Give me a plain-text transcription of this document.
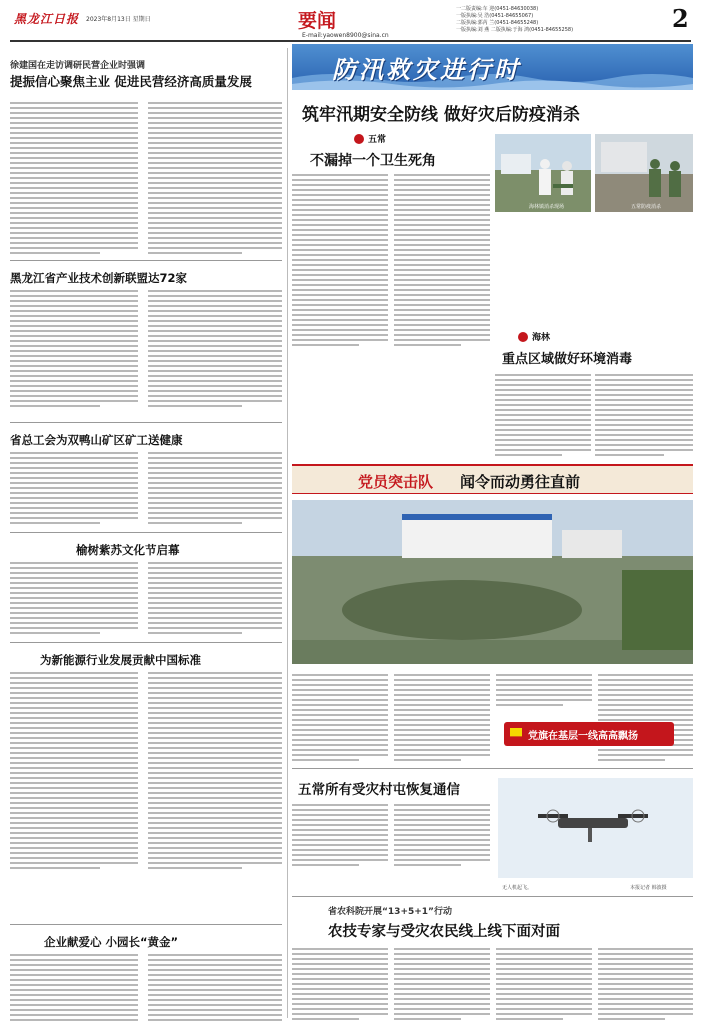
黑龙江日报 2023年8月13日 星期日	要闻
E-mail:yaowen8900@sina.cn
一二版责编:车 迎(0451-84630038)
一版执编:吴 浩(0451-84655067)
二版执编:郭芮 兰(0451-84655248)
一版执编:刘 燕 二版执编:于海 鸿(0451-84655258)	2
徐建国在走访调研民营企业时强调
提振信心聚焦主业 促进民营经济高质量发展
黑龙江省产业技术创新联盟达72家
省总工会为双鸭山矿区矿工送健康
榆树紫苏文化节启幕
为新能源行业发展贡献中国标准
企业献爱心 小园长“黄金”
防汛救灾进行时
筑牢汛期安全防线 做好灾后防疫消杀
五常
不漏掉一个卫生死角
海林镇消杀现场	五常防疫消杀
海林
重点区域做好环境消毒
党员突击队 闻令而动勇往直前
党旗在基层一线高高飘扬
五常所有受灾村屯恢复通信
无人机起飞。	本报记者 韩波摄
省农科院开展“13+5+1”行动
农技专家与受灾农民线上线下面对面
